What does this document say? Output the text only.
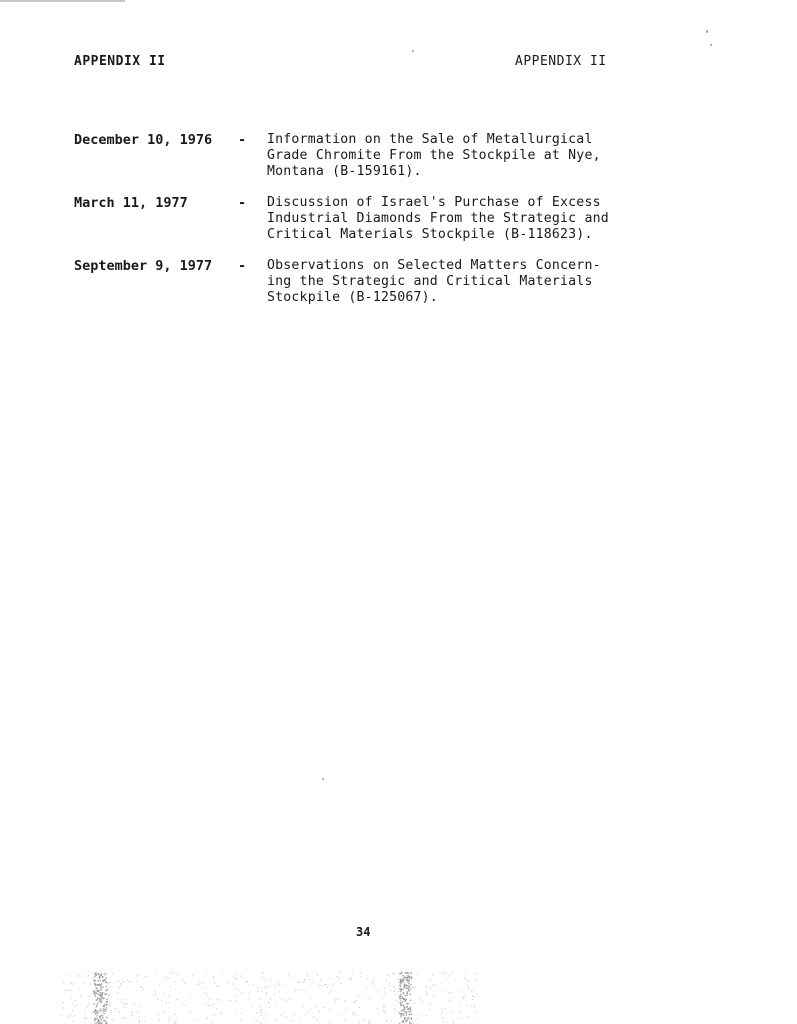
APPENDIX II	APPENDIX II
December 10, 1976 - Information on the Sale of Metallurgical
Grade Chromite From the Stockpile at Nye,
Montana (B-159161).
March 11, 1977	- Discussion of Israel's Purchase of Excess
Industrial Diamonds From the Strategic and
Critical Materials Stockpile (B-118623).
September 9, 1977 - Observations on Selected Matters Concern-
ing the Strategic and Critical Materials
Stockpile (B-125067).
34
